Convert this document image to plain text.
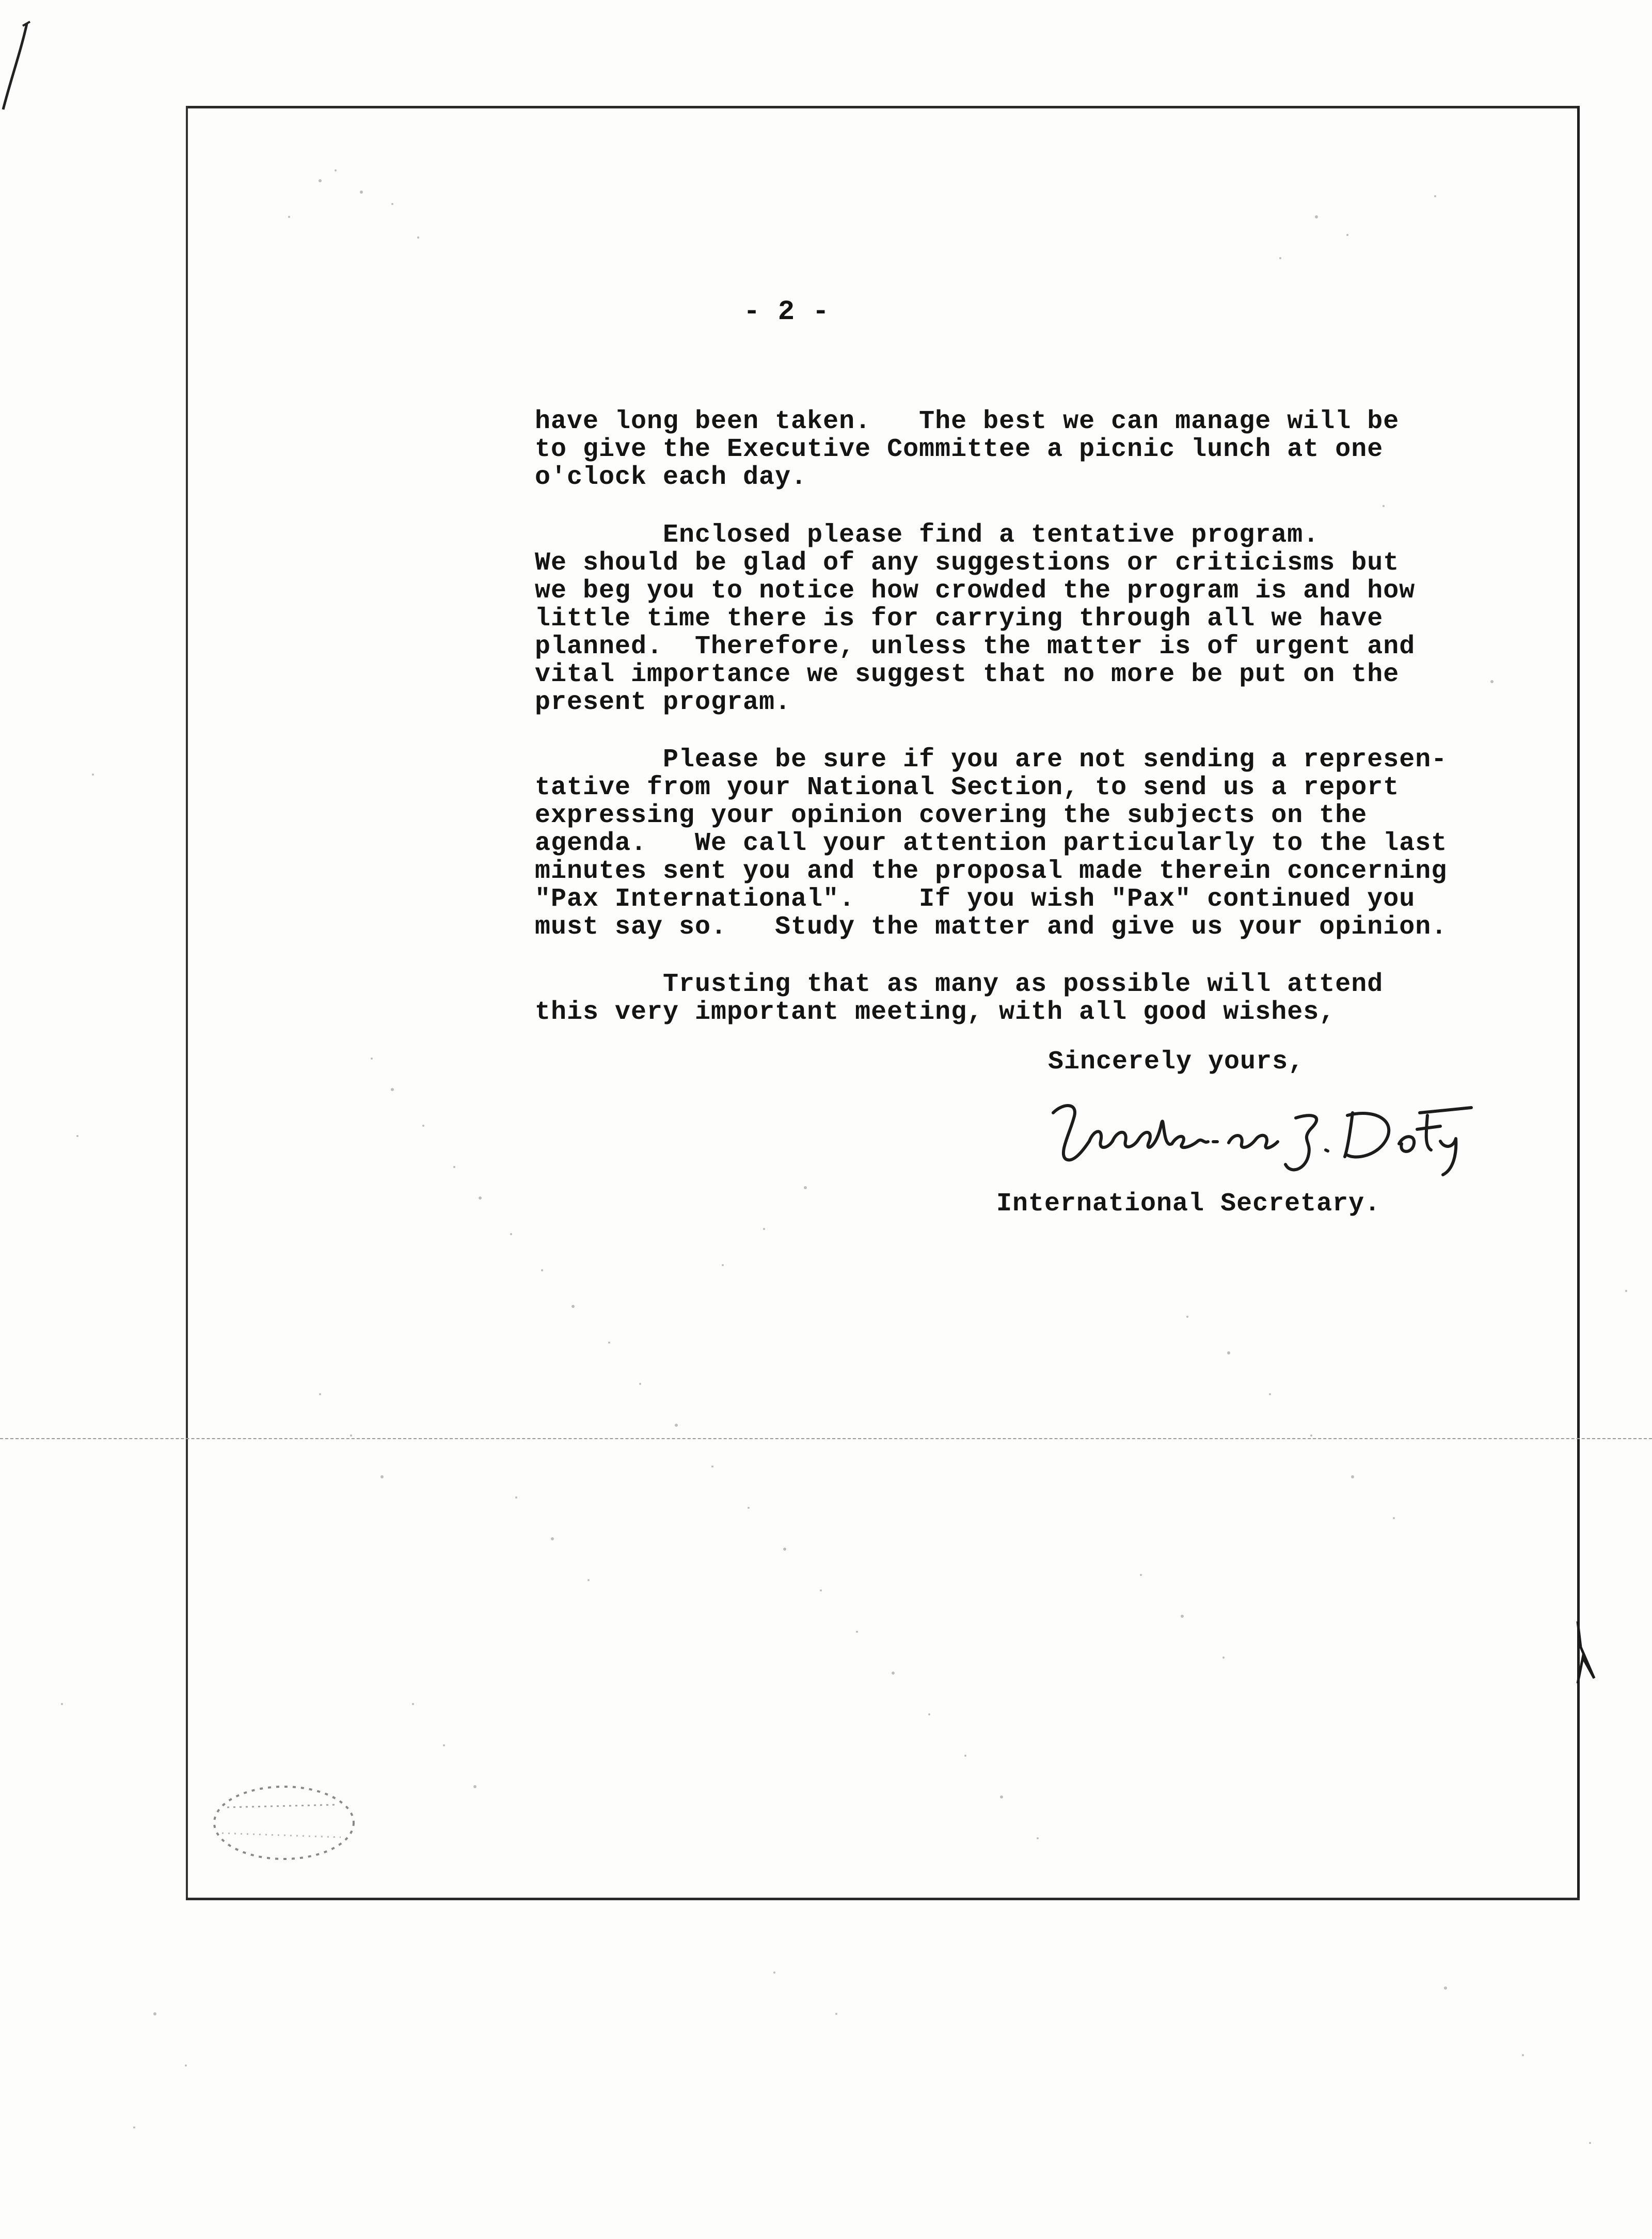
- 2 -

have long been taken.   The best we can manage will be
to give the Executive Committee a picnic lunch at one
o'clock each day.

Enclosed please find a tentative program.
We should be glad of any suggestions or criticisms but
we beg you to notice how crowded the program is and how
little time there is for carrying through all we have
planned.  Therefore, unless the matter is of urgent and
vital importance we suggest that no more be put on the
present program.

Please be sure if you are not sending a represen-
tative from your National Section, to send us a report
expressing your opinion covering the subjects on the
agenda.   We call your attention particularly to the last
minutes sent you and the proposal made therein concerning
"Pax International".    If you wish "Pax" continued you
must say so.   Study the matter and give us your opinion.

Trusting that as many as possible will attend
this very important meeting, with all good wishes,

Sincerely yours,

International Secretary.
